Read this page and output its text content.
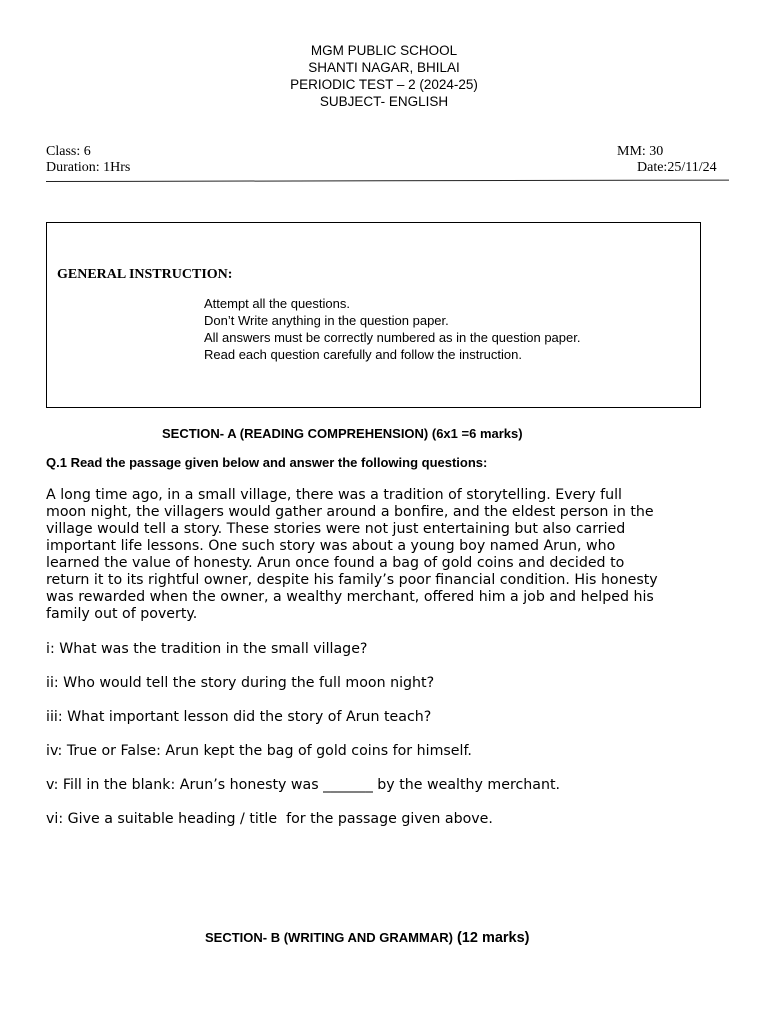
MGM PUBLIC SCHOOL
SHANTI NAGAR, BHILAI
PERIODIC TEST – 2 (2024-25)
SUBJECT- ENGLISH
Class: 6
Duration: 1Hrs
MM: 30
Date:25/11/24
GENERAL INSTRUCTION:
Attempt all the questions.
Don’t Write anything in the question paper.
All answers must be correctly numbered as in the question paper.
Read each question carefully and follow the instruction.
SECTION- A (READING COMPREHENSION) (6x1 =6 marks)
Q.1 Read the passage given below and answer the following questions:
A long time ago, in a small village, there was a tradition of storytelling. Every full
moon night, the villagers would gather around a bonfire, and the eldest person in the
village would tell a story. These stories were not just entertaining but also carried
important life lessons. One such story was about a young boy named Arun, who
learned the value of honesty. Arun once found a bag of gold coins and decided to
return it to its rightful owner, despite his family’s poor financial condition. His honesty
was rewarded when the owner, a wealthy merchant, offered him a job and helped his
family out of poverty.
i: What was the tradition in the small village?
ii: Who would tell the story during the full moon night?
iii: What important lesson did the story of Arun teach?
iv: True or False: Arun kept the bag of gold coins for himself.
v: Fill in the blank: Arun’s honesty was _______ by the wealthy merchant.
vi: Give a suitable heading / title  for the passage given above.
SECTION- B (WRITING AND GRAMMAR) (12 marks)
